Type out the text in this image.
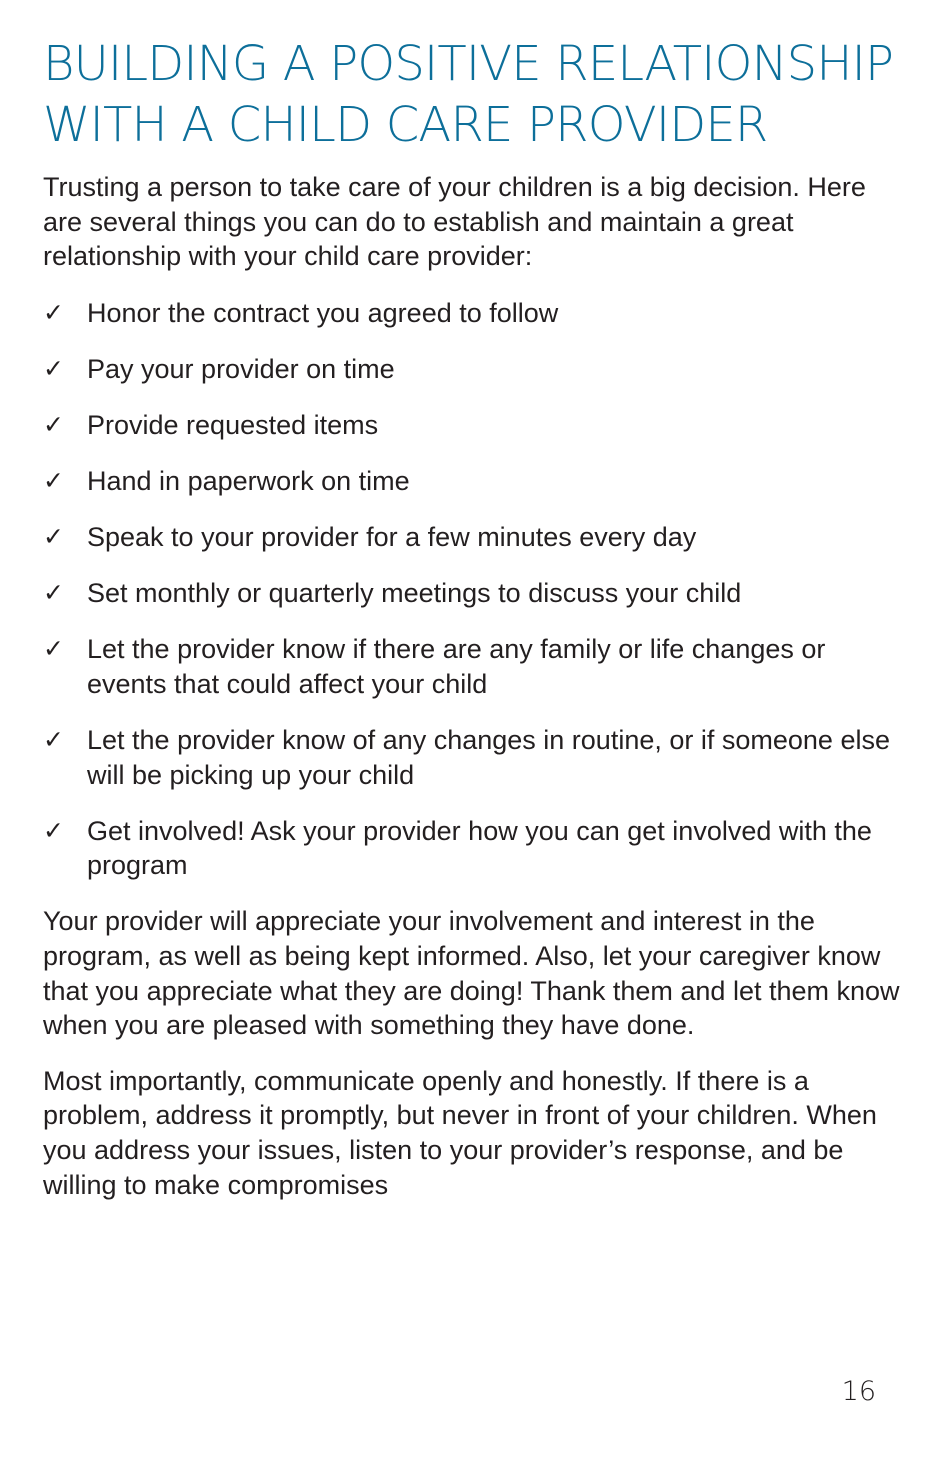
BUILDING A POSITIVE RELATIONSHIP WITH A CHILD CARE PROVIDER

Trusting a person to take care of your children is a big decision. Here are several things you can do to establish and maintain a great relationship with your child care provider:

✓ Honor the contract you agreed to follow
✓ Pay your provider on time
✓ Provide requested items
✓ Hand in paperwork on time
✓ Speak to your provider for a few minutes every day
✓ Set monthly or quarterly meetings to discuss your child
✓ Let the provider know if there are any family or life changes or events that could affect your child
✓ Let the provider know of any changes in routine, or if someone else will be picking up your child
✓ Get involved! Ask your provider how you can get involved with the program

Your provider will appreciate your involvement and interest in the program, as well as being kept informed. Also, let your caregiver know that you appreciate what they are doing! Thank them and let them know when you are pleased with something they have done.

Most importantly, communicate openly and honestly. If there is a problem, address it promptly, but never in front of your children. When you address your issues, listen to your provider’s response, and be willing to make compromises

16
